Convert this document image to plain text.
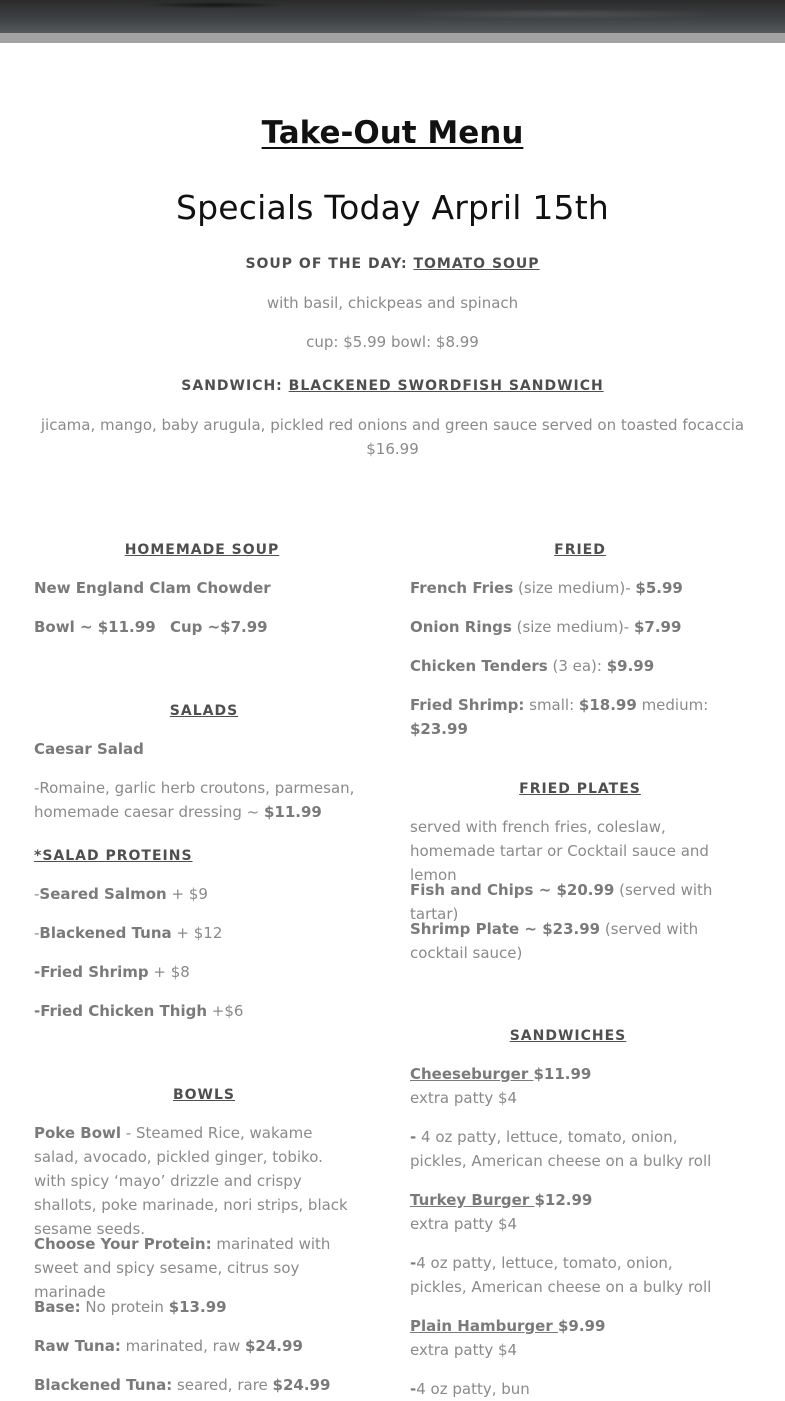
Take-Out Menu
Specials Today Arpril 15th
SOUP OF THE DAY: TOMATO SOUP
with basil, chickpeas and spinach
cup: $5.99 bowl: $8.99
SANDWICH: BLACKENED SWORDFISH SANDWICH
jicama, mango, baby arugula, pickled red onions and green sauce served on toasted focaccia
$16.99
HOMEMADE SOUP
New England Clam Chowder
Bowl ~ $11.99 Cup ~$7.99
SALADS
Caesar Salad
-Romaine, garlic herb croutons, parmesan, homemade caesar dressing ~ $11.99
*SALAD PROTEINS
-Seared Salmon + $9
-Blackened Tuna + $12
-Fried Shrimp + $8
-Fried Chicken Thigh +$6
BOWLS
Poke Bowl - Steamed Rice, wakame salad, avocado, pickled ginger, tobiko. with spicy ‘mayo’ drizzle and crispy shallots, poke marinade, nori strips, black sesame seeds.
Choose Your Protein: marinated with sweet and spicy sesame, citrus soy marinade
Base: No protein $13.99
Raw Tuna: marinated, raw $24.99
Blackened Tuna: seared, rare $24.99
FRIED
French Fries (size medium)- $5.99
Onion Rings (size medium)- $7.99
Chicken Tenders (3 ea): $9.99
Fried Shrimp: small: $18.99 medium: $23.99
FRIED PLATES
served with french fries, coleslaw, homemade tartar or Cocktail sauce and lemon
Fish and Chips ~ $20.99 (served with tartar)
Shrimp Plate ~ $23.99 (served with cocktail sauce)
SANDWICHES
Cheeseburger $11.99extra patty $4
- 4 oz patty, lettuce, tomato, onion, pickles, American cheese on a bulky roll
Turkey Burger $12.99extra patty $4
-4 oz patty, lettuce, tomato, onion, pickles, American cheese on a bulky roll
Plain Hamburger $9.99extra patty $4
-4 oz patty, bun
